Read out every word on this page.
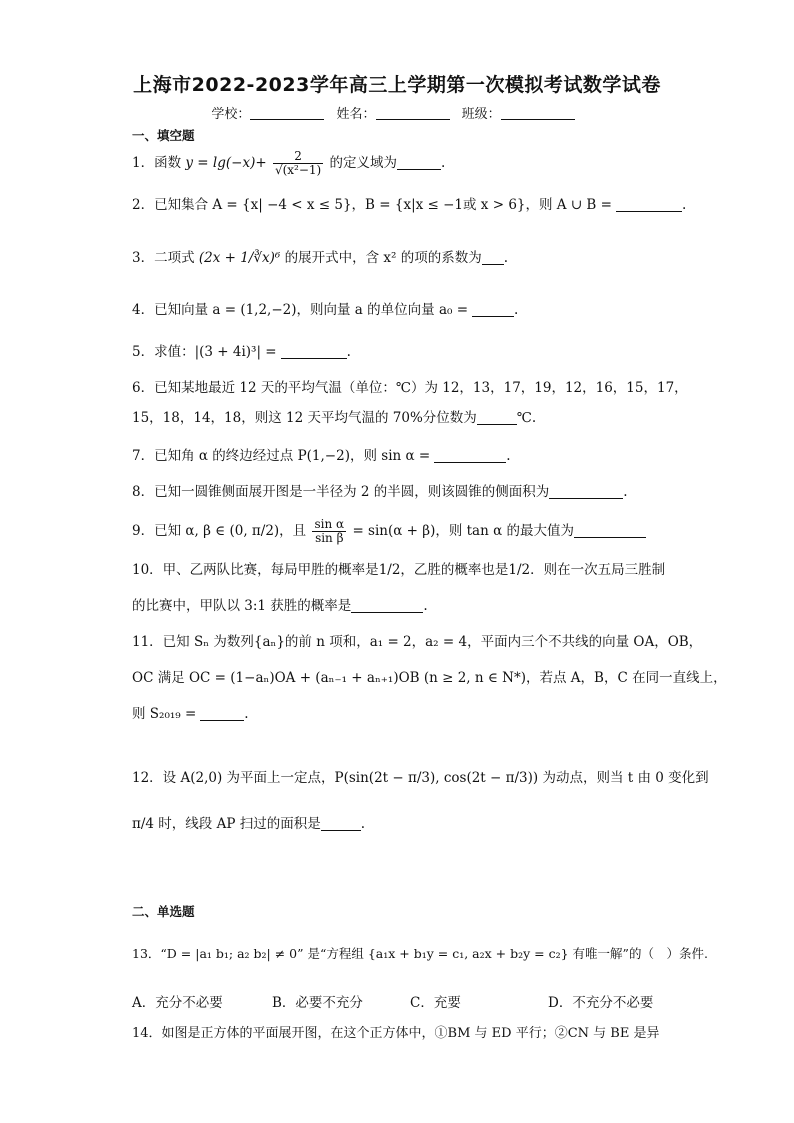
上海市2022-2023学年高三上学期第一次模拟考试数学试卷
学校：	姓名：	班级：
一、填空题
1．函数 $y = \lg(-x)+ \frac{2}{\text{√(x²−1)}}$ 的定义域为	.
2．已知集合 A = {x| −4 < x ≤ 5}，B = {x|x ≤ −1或 x > 6}，则 A ∪ B =	.
3．二项式 (2x + 1/∛x)⁶ 的展开式中，含 x² 的项的系数为 .
4．已知向量 a = (1,2,−2)，则向量 a 的单位向量 a₀ =	.
5．求值：|(3 + 4i)³| =	.
6．已知某地最近 12 天的平均气温（单位：℃）为 12，13，17，19，12，16，15，17，
15，18，14，18，则这 12 天平均气温的 70%分位数为	℃.
7．已知角 α 的终边经过点 P(1,−2)，则 sin α =	.
8．已知一圆锥侧面展开图是一半径为 2 的半圆，则该圆锥的侧面积为	.
9．已知 α, β ∈ (0, π/2)，且 $\frac{\text{sin α}}{\text{sin β}} = \sin(\alpha + \beta)$，则 tan α 的最大值为
10．甲、乙两队比赛，每局甲胜的概率是1/2，乙胜的概率也是1/2．则在一次五局三胜制
的比赛中，甲队以 3:1 获胜的概率是	.
11．已知 Sₙ 为数列{aₙ}的前 n 项和，a₁ = 2，a₂ = 4，平面内三个不共线的向量 OA，OB，
OC 满足 OC = (1−aₙ)OA + (aₙ₋₁ + aₙ₊₁)OB (n ≥ 2, n ∈ N*)，若点 A，B，C 在同一直线上，
则 S₂₀₁₉ =	.
12．设 A(2,0) 为平面上一定点，P(sin(2t − π/3), cos(2t − π/3)) 为动点，则当 t 由 0 变化到
π/4 时，线段 AP 扫过的面积是	.
二、单选题
13．“D = |a₁ b₁; a₂ b₂| ≠ 0” 是“方程组 {a₁x + b₁y = c₁, a₂x + b₂y = c₂} 有唯一解”的（　）条件.
A．充分不必要	B．必要不充分	C．充要	D．不充分不必要
14．如图是正方体的平面展开图，在这个正方体中，①BM 与 ED 平行；②CN 与 BE 是异
